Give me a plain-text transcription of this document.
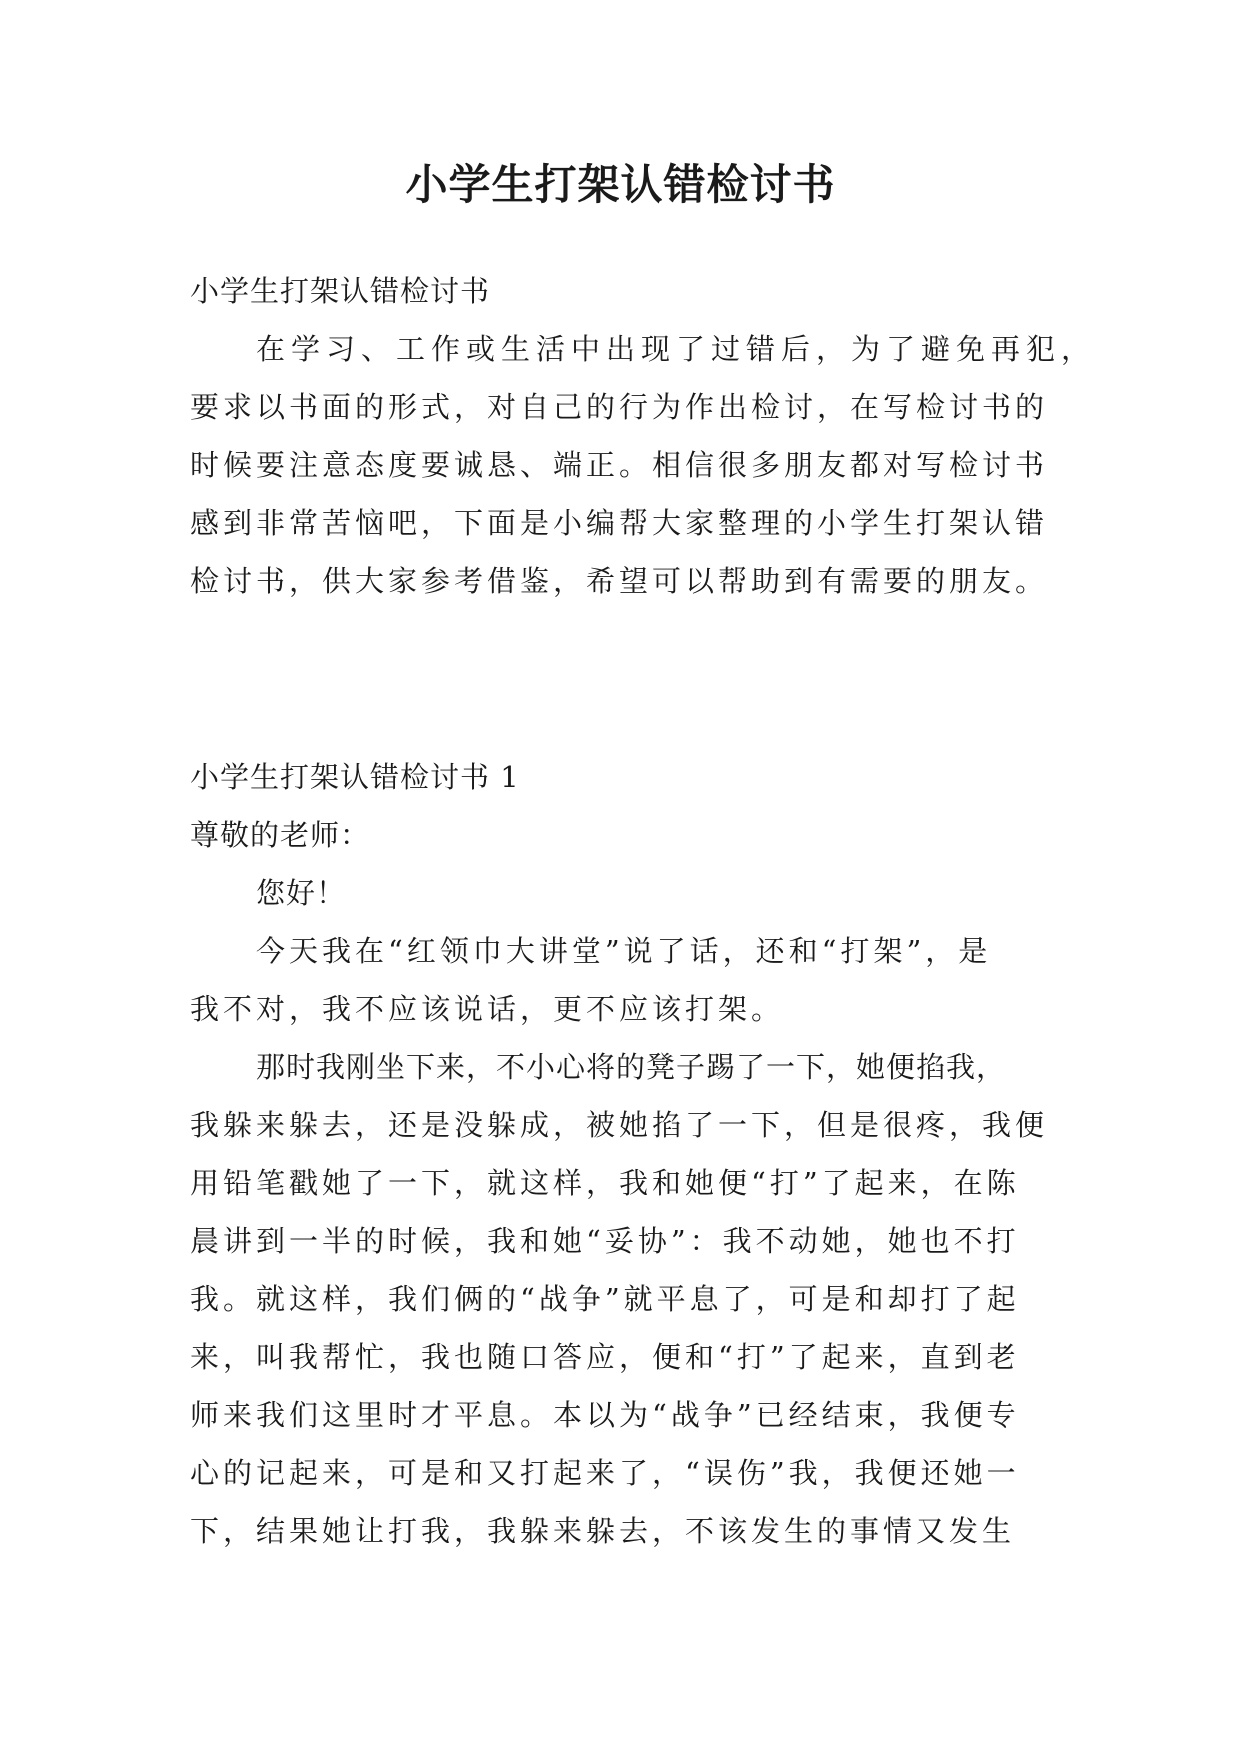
小学生打架认错检讨书
小学生打架认错检讨书
在学习、工作或生活中出现了过错后，为了避免再犯，
要求以书面的形式，对自己的行为作出检讨，在写检讨书的
时候要注意态度要诚恳、端正。相信很多朋友都对写检讨书
感到非常苦恼吧，下面是小编帮大家整理的小学生打架认错
检讨书，供大家参考借鉴，希望可以帮助到有需要的朋友。
小学生打架认错检讨书 1
尊敬的老师：
您好！
今天我在“红领巾大讲堂”说了话，还和“打架”，是
我不对，我不应该说话，更不应该打架。
那时我刚坐下来，不小心将的凳子踢了一下，她便掐我，
我躲来躲去，还是没躲成，被她掐了一下，但是很疼，我便
用铅笔戳她了一下，就这样，我和她便“打”了起来，在陈
晨讲到一半的时候，我和她“妥协”：我不动她，她也不打
我。就这样，我们俩的“战争”就平息了，可是和却打了起
来，叫我帮忙，我也随口答应，便和“打”了起来，直到老
师来我们这里时才平息。本以为“战争”已经结束，我便专
心的记起来，可是和又打起来了，“误伤”我，我便还她一
下，结果她让打我，我躲来躲去，不该发生的事情又发生
